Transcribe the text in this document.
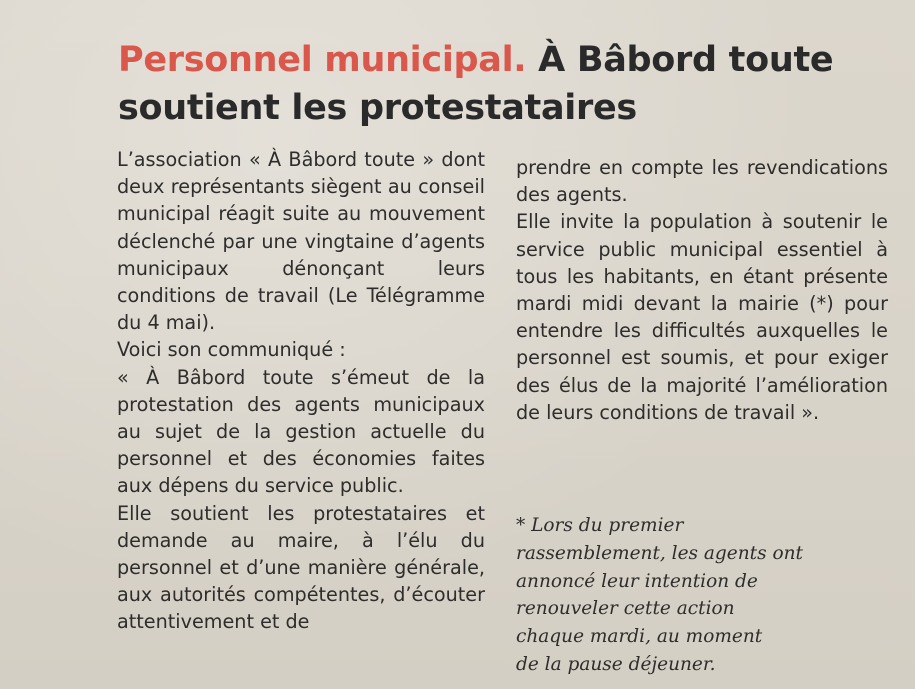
Personnel municipal. À Bâbord toute soutient les protestataires

L’association « À Bâbord toute » dont deux représentants siègent au conseil municipal réagit suite au mouvement déclenché par une vingtaine d’agents municipaux dénonçant leurs conditions de travail (Le Télégramme du 4 mai).

Voici son communiqué :

« À Bâbord toute s’émeut de la protestation des agents municipaux au sujet de la gestion actuelle du personnel et des économies faites aux dépens du service public.

Elle soutient les protestataires et demande au maire, à l’élu du personnel et d’une manière générale, aux autorités compétentes, d’écouter attentivement et de

prendre en compte les revendications des agents.

Elle invite la population à soutenir le service public municipal essentiel à tous les habitants, en étant présente mardi midi devant la mairie (*) pour entendre les difficultés auxquelles le personnel est soumis, et pour exiger des élus de la majorité l’amélioration de leurs conditions de travail ».

* Lors du premier
rassemblement, les agents ont
annoncé leur intention de
renouveler cette action
chaque mardi, au moment
de la pause déjeuner.
